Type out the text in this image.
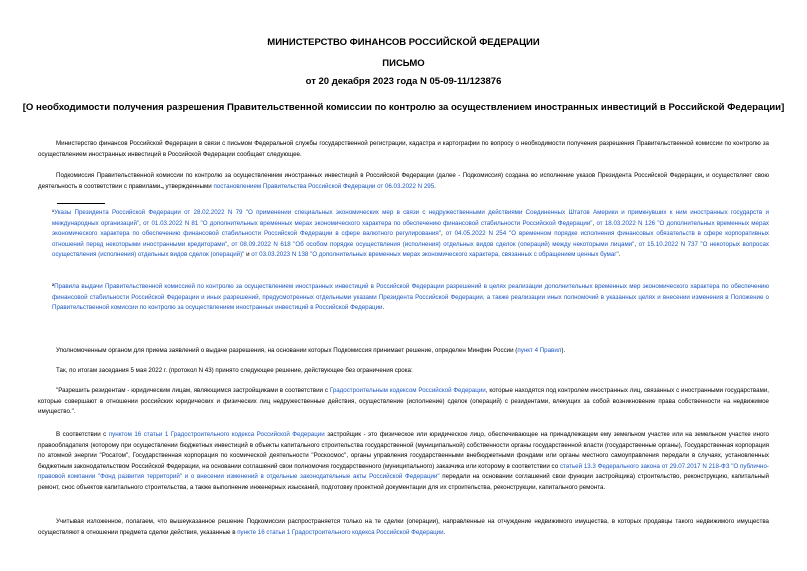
МИНИСТЕРСТВО ФИНАНСОВ РОССИЙСКОЙ ФЕДЕРАЦИИ
ПИСЬМО
от 20 декабря 2023 года N 05-09-11/123876
[О необходимости получения разрешения Правительственной комиссии по контролю за осуществлением иностранных инвестиций в Российской Федерации]

Министерство финансов Российской Федерации в связи с письмом Федеральной службы государственной регистрации, кадастра и картографии по вопросу о необходимости получения разрешения Правительственной комиссии по контролю за осуществлением иностранных инвестиций в Российской Федерации сообщает следующее.

Подкомиссия Правительственной комиссии по контролю за осуществлением иностранных инвестиций в Российской Федерации (далее - Подкомиссия) создана во исполнение указов Президента Российской Федерации, и осуществляет свою деятельность в соответствии с правилами., утвержденными постановлением Правительства Российской Федерации от 06.03.2022 N 295.

¹Указы Президента Российской Федерации от 28.02.2022 N 79 "О применении специальных экономических мер в связи с недружественными действиями Соединенных Штатов Америки и примкнувших к ним иностранных государств и международных организаций", от 01.03.2022 N 81 "О дополнительных временных мерах экономического характера по обеспечению финансовой стабильности Российской Федерации", от 18.03.2022 N 126 "О дополнительных временных мерах экономического характера по обеспечению финансовой стабильности Российской Федерации в сфере валютного регулирования", от 04.05.2022 N 254 "О временном порядке исполнения финансовых обязательств в сфере корпоративных отношений перед некоторыми иностранными кредиторами", от 08.09.2022 N 618 "Об особом порядке осуществления (исполнения) отдельных видов сделок (операций) между некоторыми лицами", от 15.10.2022 N 737 "О некоторых вопросах осуществления (исполнения) отдельных видов сделок (операций)" и от 03.03.2023 N 138 "О дополнительных временных мерах экономического характера, связанных с обращением ценных бумаг".

²Правила выдачи Правительственной комиссией по контролю за осуществлением иностранных инвестиций в Российской Федерации разрешений в целях реализации дополнительных временных мер экономического характера по обеспечению финансовой стабильности Российской Федерации и иных разрешений, предусмотренных отдельными указами Президента Российской Федерации, а также реализации иных полномочий в указанных целях и внесении изменения в Положение о Правительственной комиссии по контролю за осуществлением иностранных инвестиций в Российской Федерации.

Уполномоченным органом для приема заявлений о выдаче разрешения, на основании которых Подкомиссия принимает решение, определен Минфин России (пункт 4 Правил).

Так, по итогам заседания 5 мая 2022 г. (протокол N 43) принято следующее решение, действующее без ограничения срока:

"Разрешить резидентам - юридическим лицам, являющимся застройщиками в соответствии с Градостроительным кодексом Российской Федерации, которые находятся под контролем иностранных лиц, связанных с иностранными государствами, которые совершают в отношении российских юридических и физических лиц недружественные действия, осуществление (исполнение) сделок (операций) с резидентами, влекущих за собой возникновение права собственности на недвижимое имущество.".

В соответствии с пунктом 16 статьи 1 Градостроительного кодекса Российской Федерации застройщик - это физическое или юридическое лицо, обеспечивающее на принадлежащем ему земельном участке или на земельном участке иного правообладателя (которому при осуществлении бюджетных инвестиций в объекты капитального строительства государственной (муниципальной) собственности органы государственной власти (государственные органы), Государственная корпорация по атомной энергии "Росатом", Государственная корпорация по космической деятельности "Роскосмос", органы управления государственными внебюджетными фондами или органы местного самоуправления передали в случаях, установленных бюджетным законодательством Российской Федерации, на основании соглашений свои полномочия государственного (муниципального) заказчика или которому в соответствии со статьей 13.3 Федерального закона от 29.07.2017 N 218-ФЗ "О публично-правовой компании "Фонд развития территорий" и о внесении изменений в отдельные законодательные акты Российской Федерации" передали на основании соглашений свои функции застройщика) строительство, реконструкцию, капитальный ремонт, снос объектов капитального строительства, а также выполнение инженерных изысканий, подготовку проектной документации для их строительства, реконструкции, капитального ремонта.

Учитывая изложенное, полагаем, что вышеуказанное решение Подкомиссии распространяется только на те сделки (операции), направленные на отчуждение недвижимого имущества, в которых продавцы такого недвижимого имущества осуществляют в отношении предмета сделки действия, указанные в пункте 16 статьи 1 Градостроительного кодекса Российской Федерации.
